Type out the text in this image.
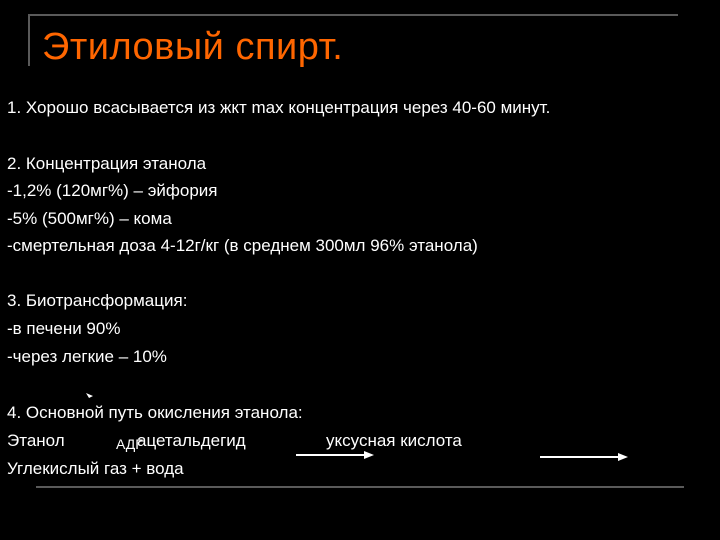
Этиловый спирт.
1. Хорошо всасывается из жкт max концентрация через 40-60 минут.
2. Концентрация этанола
-1,2% (120мг%) – эйфория
-5% (500мг%) – кома
-смертельная доза 4-12г/кг (в среднем 300мл 96% этанола)
3. Биотрансформация:
-в печени 90%
-через легкие – 10%
4. Основной путь окисления этанола:
Этанол	АДГ
ацетальдегид	уксусная кислота
Углекислый газ + вода
